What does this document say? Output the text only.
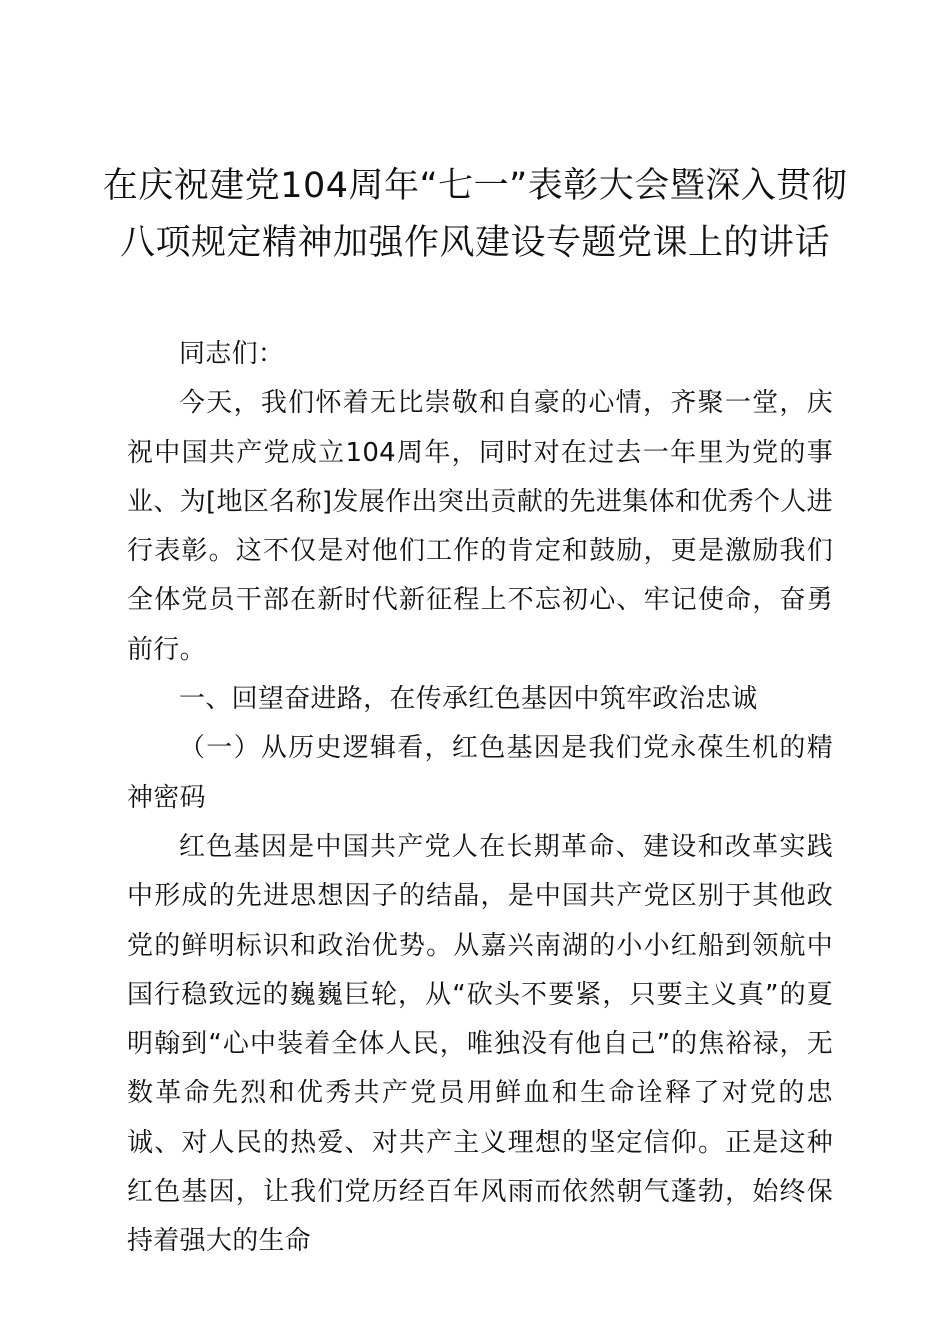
在庆祝建党104周年“七一”表彰大会暨深入贯彻八项规定精神加强作风建设专题党课上的讲话

同志们：

今天，我们怀着无比崇敬和自豪的心情，齐聚一堂，庆祝中国共产党成立104周年，同时对在过去一年里为党的事业、为[地区名称]发展作出突出贡献的先进集体和优秀个人进行表彰。这不仅是对他们工作的肯定和鼓励，更是激励我们全体党员干部在新时代新征程上不忘初心、牢记使命，奋勇前行。

一、回望奋进路，在传承红色基因中筑牢政治忠诚

（一）从历史逻辑看，红色基因是我们党永葆生机的精神密码

红色基因是中国共产党人在长期革命、建设和改革实践中形成的先进思想因子的结晶，是中国共产党区别于其他政党的鲜明标识和政治优势。从嘉兴南湖的小小红船到领航中国行稳致远的巍巍巨轮，从“砍头不要紧，只要主义真”的夏明翰到“心中装着全体人民，唯独没有他自己”的焦裕禄，无数革命先烈和优秀共产党员用鲜血和生命诠释了对党的忠诚、对人民的热爱、对共产主义理想的坚定信仰。正是这种红色基因，让我们党历经百年风雨而依然朝气蓬勃，始终保持着强大的生命
